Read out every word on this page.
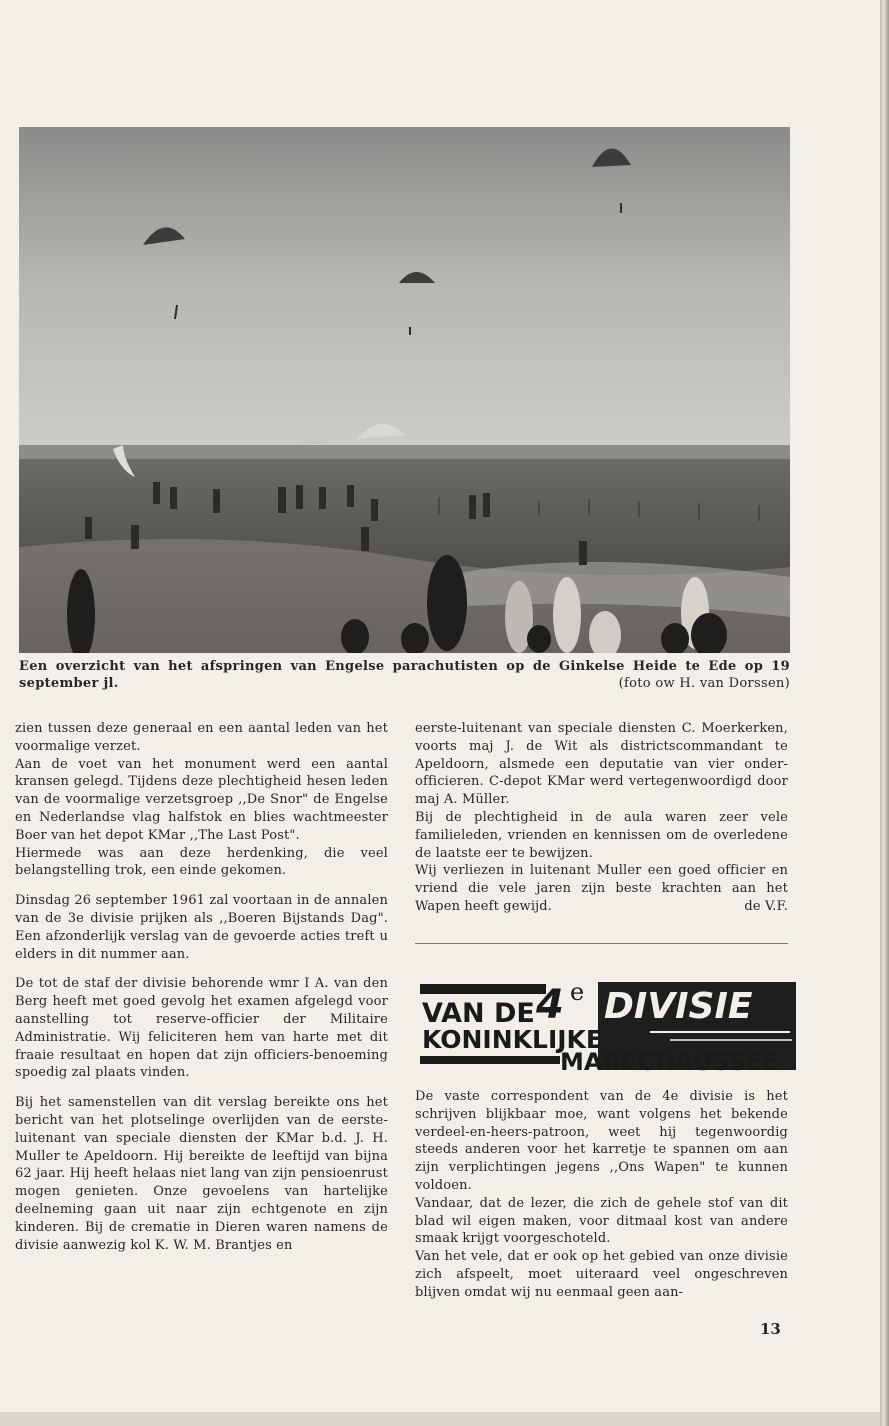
Een overzicht van het afspringen van Engelse parachutisten op de Ginkelse Heide te Ede op 19 september jl.	(foto ow H. van Dorssen)

zien tussen deze generaal en een aantal leden van het voormalige verzet.

Aan de voet van het monument werd een aantal kransen gelegd. Tijdens deze plechtigheid hesen leden van de voormalige verzetsgroep ,,De Snor" de Engelse en Nederlandse vlag halfstok en blies wachtmeester Boer van het depot KMar ,,The Last Post".

Hiermede was aan deze herdenking, die veel belangstelling trok, een einde gekomen.

Dinsdag 26 september 1961 zal voortaan in de annalen van de 3e divisie prijken als ,,Boeren Bijstands Dag". Een afzonderlijk verslag van de gevoerde acties treft u elders in dit nummer aan.

De tot de staf der divisie behorende wmr I A. van den Berg heeft met goed gevolg het examen afgelegd voor aanstelling tot reserve-officier der Militaire Administratie. Wij feliciteren hem van harte met dit fraaie resultaat en hopen dat zijn officiers-benoeming spoedig zal plaats vinden.

Bij het samenstellen van dit verslag bereikte ons het bericht van het plotselinge overlijden van de eerste-luitenant van speciale diensten der KMar b.d. J. H. Muller te Apeldoorn. Hij bereikte de leeftijd van bijna 62 jaar. Hij heeft helaas niet lang van zijn pensioenrust mogen genieten. Onze gevoelens van hartelijke deelneming gaan uit naar zijn echtgenote en zijn kinderen. Bij de crematie in Dieren waren namens de divisie aanwezig kol K. W. M. Brantjes en

eerste-luitenant van speciale diensten C. Moerkerken, voorts maj J. de Wit als districtscommandant te Apeldoorn, alsmede een deputatie van vier onder-officieren. C-depot KMar werd vertegenwoordigd door maj A. Müller.

Bij de plechtigheid in de aula waren zeer vele familieleden, vrienden en kennissen om de overledene de laatste eer te bewijzen.

Wij verliezen in luitenant Muller een goed officier en vriend die vele jaren zijn beste krachten aan het Wapen heeft gewijd.	de V.F.

VAN DE 4 e DIVISIE
KONINKLIJKE
MARECHAUSSEE

De vaste correspondent van de 4e divisie is het schrijven blijkbaar moe, want volgens het bekende verdeel-en-heers-patroon, weet hij tegenwoordig steeds anderen voor het karretje te spannen om aan zijn verplichtingen jegens ,,Ons Wapen" te kunnen voldoen.

Vandaar, dat de lezer, die zich de gehele stof van dit blad wil eigen maken, voor ditmaal kost van andere smaak krijgt voorgeschoteld.

Van het vele, dat er ook op het gebied van onze divisie zich afspeelt, moet uiteraard veel ongeschreven blijven omdat wij nu eenmaal geen aan-

13
